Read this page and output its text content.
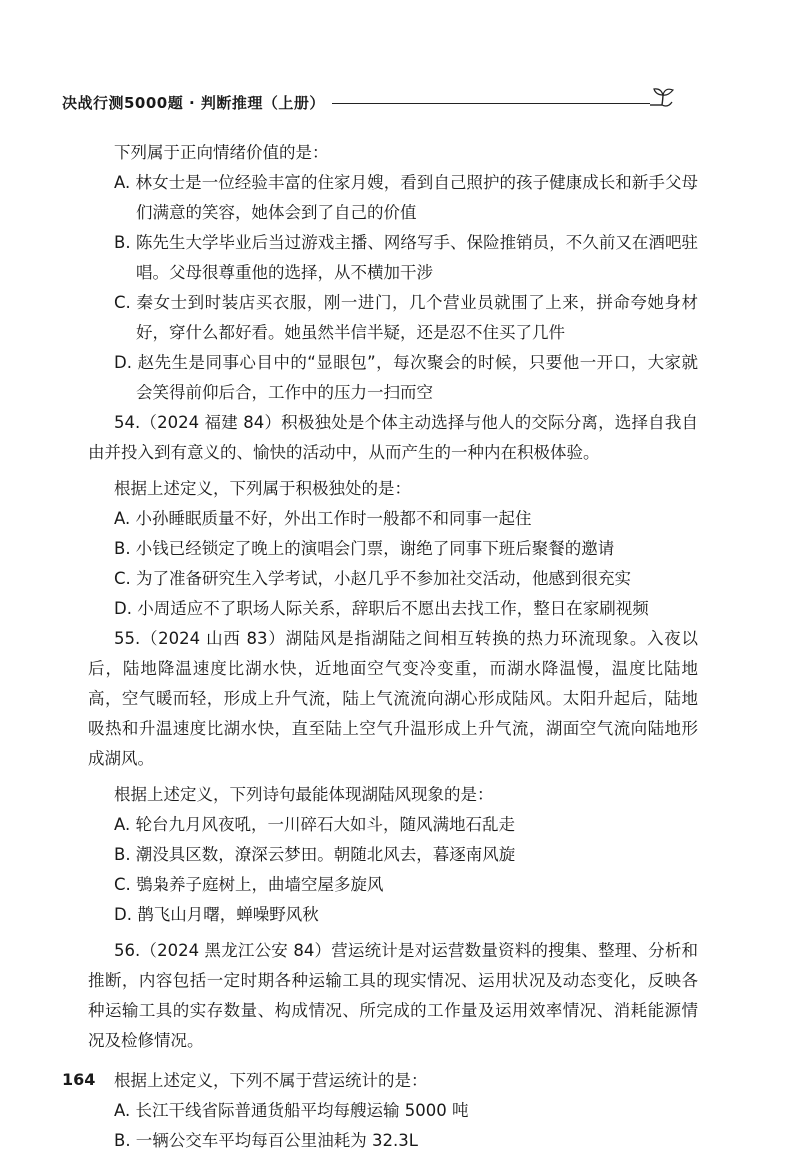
决战行测5000题 · 判断推理（上册）

下列属于正向情绪价值的是：

A. 林女士是一位经验丰富的住家月嫂，看到自己照护的孩子健康成长和新手父母们满意的笑容，她体会到了自己的价值

B. 陈先生大学毕业后当过游戏主播、网络写手、保险推销员，不久前又在酒吧驻唱。父母很尊重他的选择，从不横加干涉

C. 秦女士到时装店买衣服，刚一进门，几个营业员就围了上来，拼命夸她身材好，穿什么都好看。她虽然半信半疑，还是忍不住买了几件

D. 赵先生是同事心目中的“显眼包”，每次聚会的时候，只要他一开口，大家就会笑得前仰后合，工作中的压力一扫而空

54.（2024 福建 84）积极独处是个体主动选择与他人的交际分离，选择自我自由并投入到有意义的、愉快的活动中，从而产生的一种内在积极体验。

根据上述定义，下列属于积极独处的是：

A. 小孙睡眠质量不好，外出工作时一般都不和同事一起住

B. 小钱已经锁定了晚上的演唱会门票，谢绝了同事下班后聚餐的邀请

C. 为了准备研究生入学考试，小赵几乎不参加社交活动，他感到很充实

D. 小周适应不了职场人际关系，辞职后不愿出去找工作，整日在家刷视频

55.（2024 山西 83）湖陆风是指湖陆之间相互转换的热力环流现象。入夜以后，陆地降温速度比湖水快，近地面空气变冷变重，而湖水降温慢，温度比陆地高，空气暖而轻，形成上升气流，陆上气流流向湖心形成陆风。太阳升起后，陆地吸热和升温速度比湖水快，直至陆上空气升温形成上升气流，湖面空气流向陆地形成湖风。

根据上述定义，下列诗句最能体现湖陆风现象的是：

A. 轮台九月风夜吼，一川碎石大如斗，随风满地石乱走

B. 潮没具区数，潦深云梦田。朝随北风去，暮逐南风旋

C. 鴞枭养子庭树上，曲墙空屋多旋风

D. 鹊飞山月曙，蝉噪野风秋

56.（2024 黑龙江公安 84）营运统计是对运营数量资料的搜集、整理、分析和推断，内容包括一定时期各种运输工具的现实情况、运用状况及动态变化，反映各种运输工具的实存数量、构成情况、所完成的工作量及运用效率情况、消耗能源情况及检修情况。

根据上述定义，下列不属于营运统计的是：

A. 长江干线省际普通货船平均每艘运输 5000 吨

B. 一辆公交车平均每百公里油耗为 32.3L

164
